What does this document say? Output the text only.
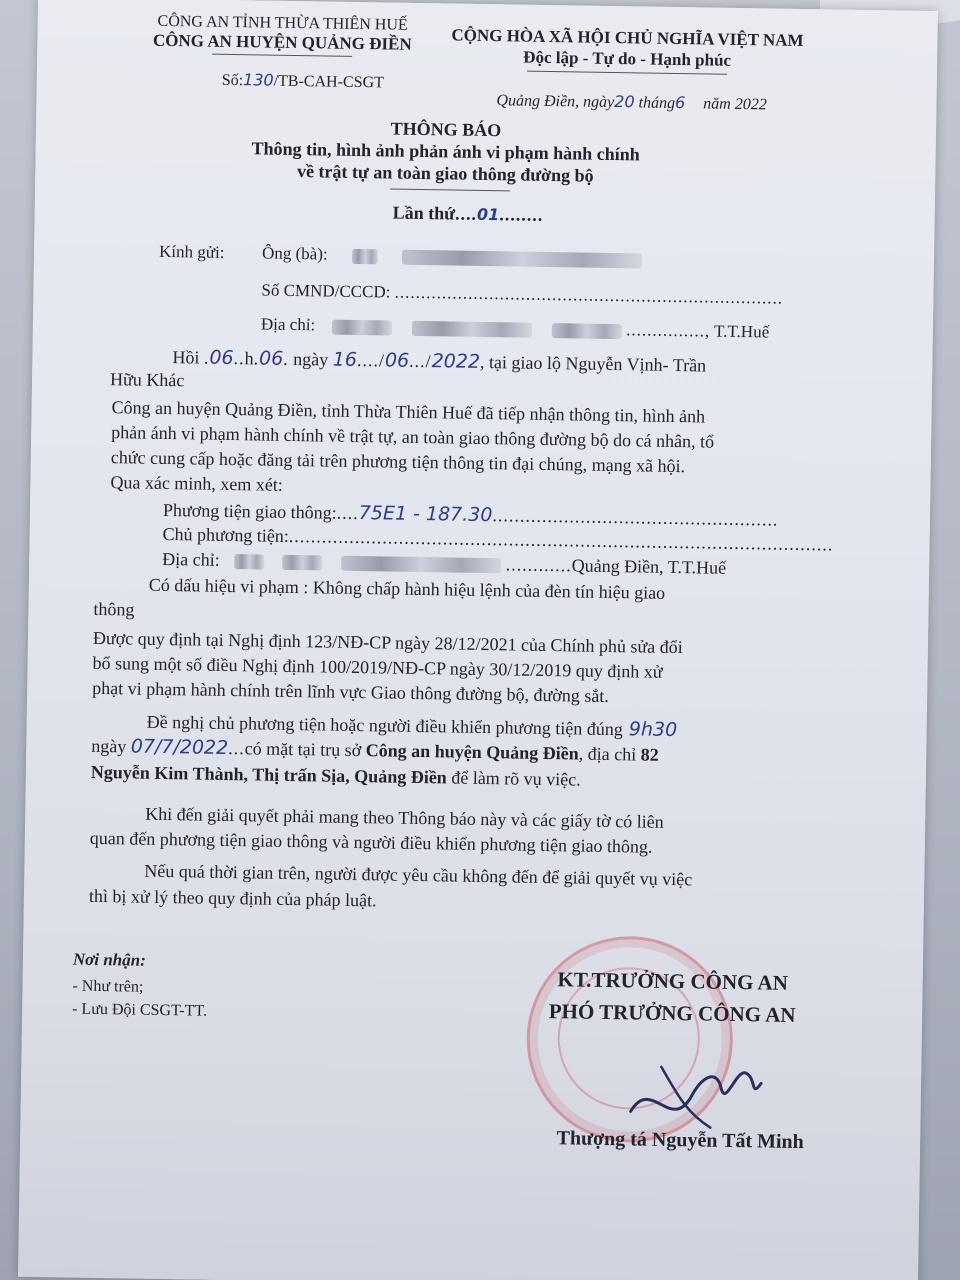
CÔNG AN TỈNH THỪA THIÊN HUẾ
CÔNG AN HUYỆN QUẢNG ĐIỀN
Số:130/TB-CAH-CSGT
CỘNG HÒA XÃ HỘI CHỦ NGHĨA VIỆT NAM
Độc lập - Tự do - Hạnh phúc
Quảng Điền, ngày20 tháng6 năm 2022
THÔNG BÁO
Thông tin, hình ảnh phản ánh vi phạm hành chính
về trật tự an toàn giao thông đường bộ
Lần thứ....01........
Kính gửi: Ông (bà):
Số CMND/CCCD: ..........................................................................
Địa chỉ:	..............., T.T.Huế
Hồi .06..h.06. ngày 16..../06.../2022, tại giao lộ Nguyễn Vịnh- Trần
Hữu Khác
Công an huyện Quảng Điền, tỉnh Thừa Thiên Huế đã tiếp nhận thông tin, hình ảnh
phản ánh vi phạm hành chính về trật tự, an toàn giao thông đường bộ do cá nhân, tổ
chức cung cấp hoặc đăng tải trên phương tiện thông tin đại chúng, mạng xã hội.
Qua xác minh, xem xét:
Phương tiện giao thông:....75E1 - 187.30....................................................
Chủ phương tiện:...................................................................................................
Địa chỉ:	............Quảng Điền, T.T.Huế
Có dấu hiệu vi phạm : Không chấp hành hiệu lệnh của đèn tín hiệu giao
thông
Được quy định tại Nghị định 123/NĐ-CP ngày 28/12/2021 của Chính phủ sửa đổi
bổ sung một số điều Nghị định 100/2019/NĐ-CP ngày 30/12/2019 quy định xử
phạt vi phạm hành chính trên lĩnh vực Giao thông đường bộ, đường sắt.
Đề nghị chủ phương tiện hoặc người điều khiển phương tiện đúng 9h30
ngày 07/7/2022...có mặt tại trụ sở Công an huyện Quảng Điền, địa chỉ 82
Nguyễn Kim Thành, Thị trấn Sịa, Quảng Điền để làm rõ vụ việc.
Khi đến giải quyết phải mang theo Thông báo này và các giấy tờ có liên
quan đến phương tiện giao thông và người điều khiển phương tiện giao thông.
Nếu quá thời gian trên, người được yêu cầu không đến để giải quyết vụ việc
thì bị xử lý theo quy định của pháp luật.
Nơi nhận:
- Như trên;
- Lưu Đội CSGT-TT.
KT.TRƯỞNG CÔNG AN
PHÓ TRƯỞNG CÔNG AN
Thượng tá Nguyễn Tất Minh
